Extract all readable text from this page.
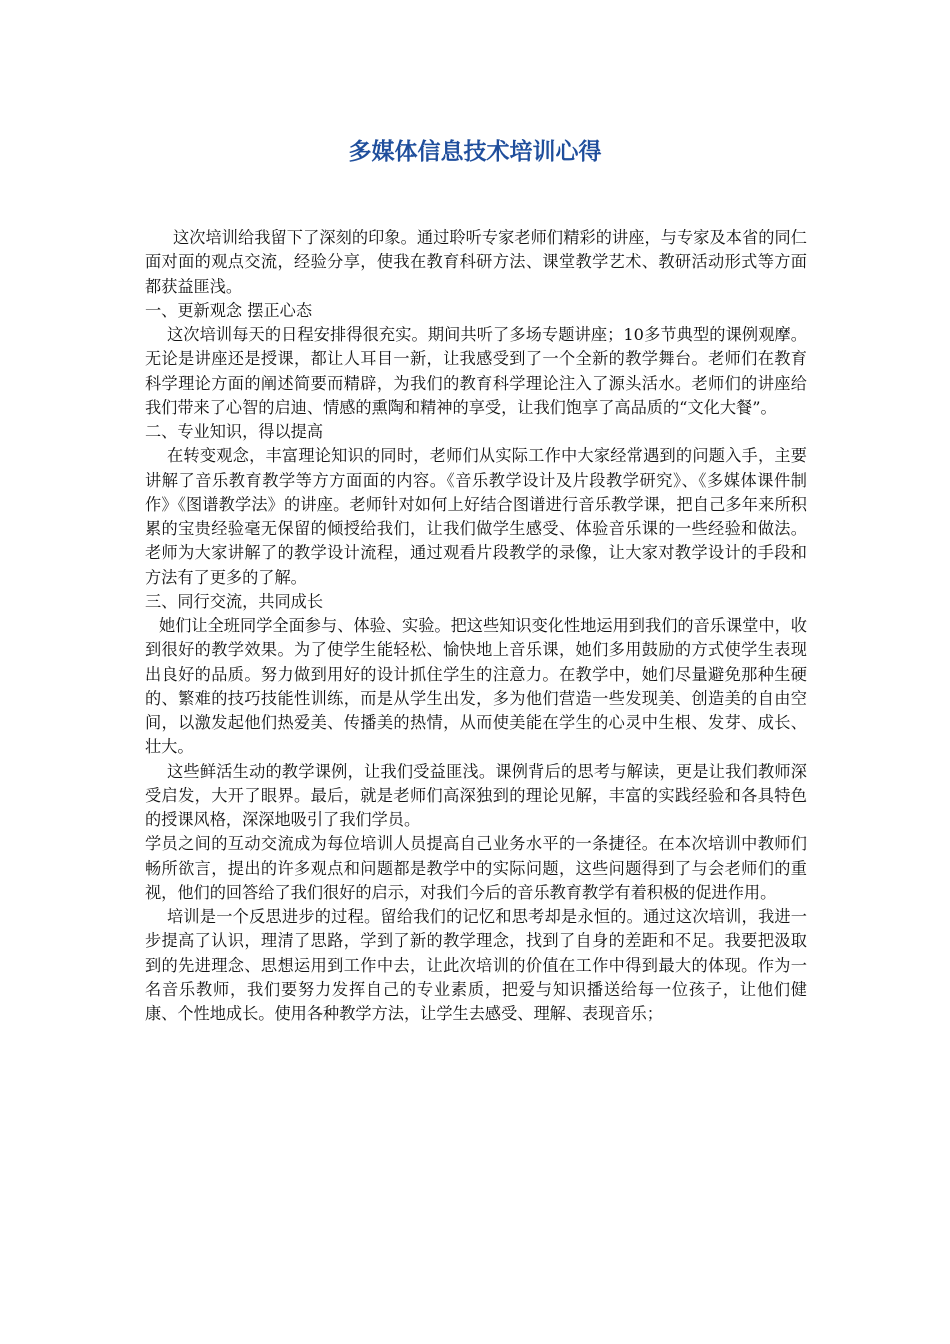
多媒体信息技术培训心得

这次培训给我留下了深刻的印象。通过聆听专家老师们精彩的讲座，与专家及本省的同仁面对面的观点交流，经验分享，使我在教育科研方法、课堂教学艺术、教研活动形式等方面都获益匪浅。

一、更新观念 摆正心态

这次培训每天的日程安排得很充实。期间共听了多场专题讲座；10多节典型的课例观摩。无论是讲座还是授课，都让人耳目一新，让我感受到了一个全新的教学舞台。老师们在教育科学理论方面的阐述简要而精辟，为我们的教育科学理论注入了源头活水。老师们的讲座给我们带来了心智的启迪、情感的熏陶和精神的享受，让我们饱享了高品质的“文化大餐”。

二、专业知识，得以提高

在转变观念，丰富理论知识的同时，老师们从实际工作中大家经常遇到的问题入手，主要讲解了音乐教育教学等方方面面的内容。《音乐教学设计及片段教学研究》、《多媒体课件制作》《图谱教学法》的讲座。老师针对如何上好结合图谱进行音乐教学课，把自己多年来所积累的宝贵经验毫无保留的倾授给我们，让我们做学生感受、体验音乐课的一些经验和做法。老师为大家讲解了的教学设计流程，通过观看片段教学的录像，让大家对教学设计的手段和方法有了更多的了解。

三、同行交流，共同成长

她们让全班同学全面参与、体验、实验。把这些知识变化性地运用到我们的音乐课堂中，收到很好的教学效果。为了使学生能轻松、愉快地上音乐课，她们多用鼓励的方式使学生表现出良好的品质。努力做到用好的设计抓住学生的注意力。在教学中，她们尽量避免那种生硬的、繁难的技巧技能性训练，而是从学生出发，多为他们营造一些发现美、创造美的自由空间，以激发起他们热爱美、传播美的热情，从而使美能在学生的心灵中生根、发芽、成长、壮大。

这些鲜活生动的教学课例，让我们受益匪浅。课例背后的思考与解读，更是让我们教师深受启发，大开了眼界。最后，就是老师们高深独到的理论见解，丰富的实践经验和各具特色的授课风格，深深地吸引了我们学员。

学员之间的互动交流成为每位培训人员提高自己业务水平的一条捷径。在本次培训中教师们畅所欲言，提出的许多观点和问题都是教学中的实际问题，这些问题得到了与会老师们的重视，他们的回答给了我们很好的启示，对我们今后的音乐教育教学有着积极的促进作用。

培训是一个反思进步的过程。留给我们的记忆和思考却是永恒的。通过这次培训，我进一步提高了认识，理清了思路，学到了新的教学理念，找到了自身的差距和不足。我要把汲取到的先进理念、思想运用到工作中去，让此次培训的价值在工作中得到最大的体现。作为一名音乐教师，我们要努力发挥自己的专业素质，把爱与知识播送给每一位孩子，让他们健康、个性地成长。使用各种教学方法，让学生去感受、理解、表现音乐；
